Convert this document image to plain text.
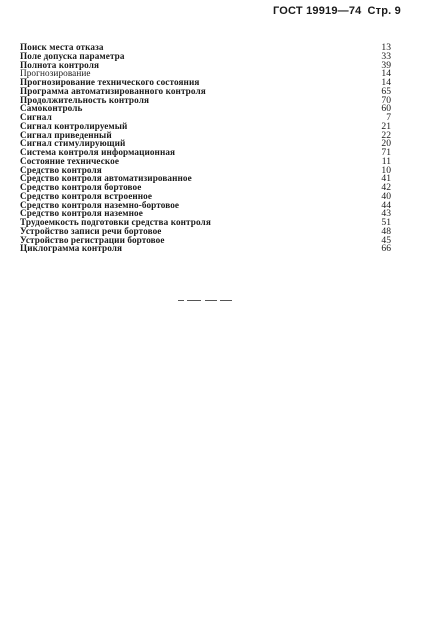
ГОСТ 19919—74 Стр. 9
Поиск места отказа	13
Поле допуска параметра	33
Полнота контроля	39
Прогнозирование	14
Прогнозирование технического состояния	14
Программа автоматизированного контроля	65
Продолжительность контроля	70
Самоконтроль	60
Сигнал	7
Сигнал контролируемый	21
Сигнал приведенный	22
Сигнал стимулирующий	20
Система контроля информационная	71
Состояние техническое	11
Средство контроля	10
Средство контроля автоматизированное	41
Средство контроля бортовое	42
Средство контроля встроенное	40
Средство контроля наземно-бортовое	44
Средство контроля наземное	43
Трудоемкость подготовки средства контроля	51
Устройство записи речи бортовое	48
Устройство регистрации бортовое	45
Циклограмма контроля	66
